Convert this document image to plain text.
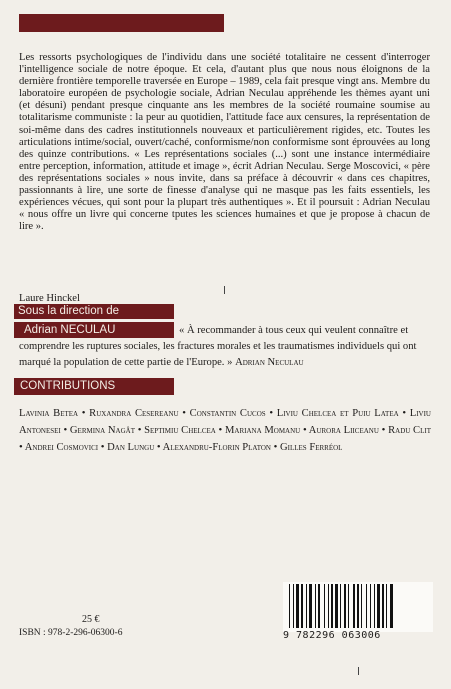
Les ressorts psychologiques de l'individu dans une société totalitaire ne cessent d'interroger l'intelligence sociale de notre époque. Et cela, d'autant plus que nous nous éloignons de la dernière frontière temporelle traversée en Europe – 1989, cela fait presque vingt ans. Membre du laboratoire européen de psychologie sociale, Adrian Neculau appréhende les thèmes ayant uni (et désuni) pendant presque cinquante ans les membres de la société roumaine soumise au totalitarisme communiste : la peur au quotidien, l'attitude face aux censures, la représentation de soi-même dans des cadres institutionnels nouveaux et particulièrement rigides, etc. Toutes les articulations intime/social, ouvert/caché, conformisme/non conformisme sont éprouvées au long des quinze contributions. « Les représentations sociales (...) sont une instance intermédiaire entre perception, information, attitude et image », écrit Adrian Neculau. Serge Moscovici, « père des représentations sociales » nous invite, dans sa préface à découvrir « dans ces chapitres, passionnants à lire, une sorte de finesse d'analyse qui ne masque pas les faits essentiels, les expériences vécues, qui sont pour la plupart très authentiques ». Et il poursuit : Adrian Neculau « nous offre un livre qui concerne tputes les sciences humaines et que je propose à chacun de lire ».

Laure Hinckel
Sous la direction de
Adrian NECULAU	« À recommander à tous ceux qui veulent connaître et comprendre les ruptures sociales, les fractures morales et les traumatismes individuels qui ont marqué la population de cette partie de l'Europe. » Adrian Neculau

CONTRIBUTIONS

Lavinia Betea • Ruxandra Cesereanu • Constantin Cucos • Liviu Chelcea et Puiu Latea • Liviu Antonesei • Germina Nagât • Septimiu Chelcea • Mariana Momanu • Aurora Liiceanu • Radu Clit • Andrei Cosmovici • Dan Lungu • Alexandru-Florin Platon • Gilles Ferréol

25 €
ISBN : 978-2-296-06300-6	9 782296 063006
